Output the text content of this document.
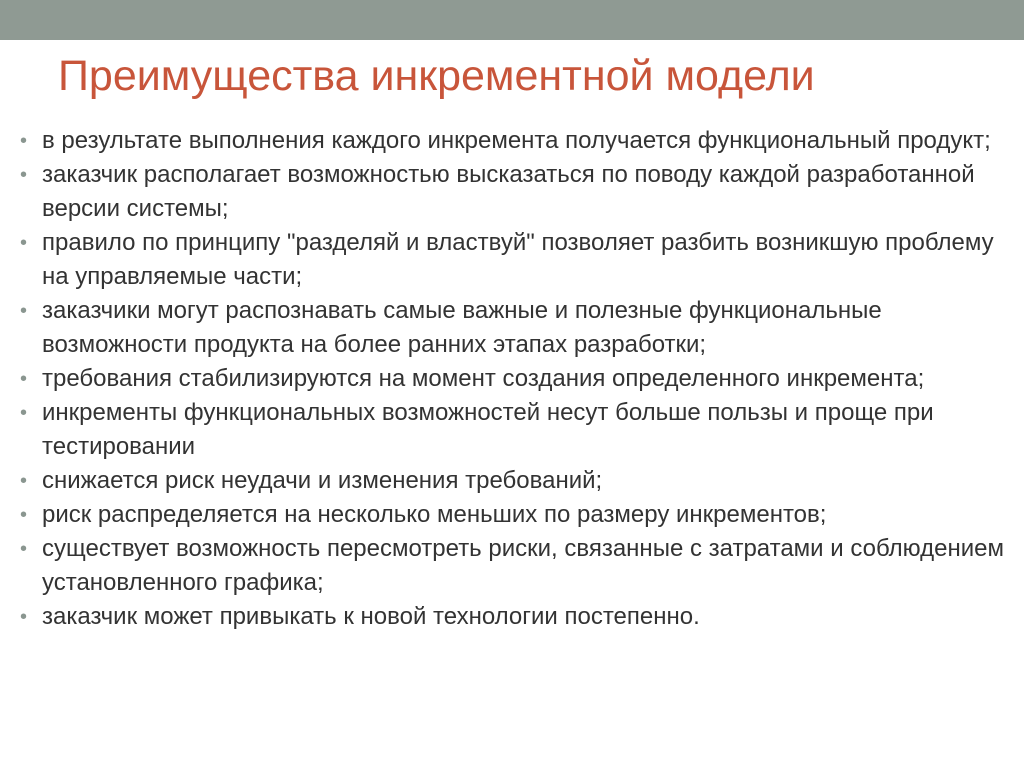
Преимущества инкрементной модели
• в результате выполнения каждого инкремента получается функциональный продукт;
• заказчик располагает возможностью высказаться по поводу каждой разработанной версии системы;
• правило по принципу "разделяй и властвуй" позволяет разбить возникшую проблему на управляемые части;
• заказчики могут распознавать самые важные и полезные функциональные возможности продукта на более ранних этапах разработки;
• требования стабилизируются на момент создания определенного инкремента;
• инкременты функциональных возможностей несут больше пользы и проще при тестировании
• снижается риск неудачи и изменения требований;
• риск распределяется на несколько меньших по размеру инкрементов;
• существует возможность пересмотреть риски, связанные с затратами и соблюдением установленного графика;
• заказчик может привыкать к новой технологии постепенно.
